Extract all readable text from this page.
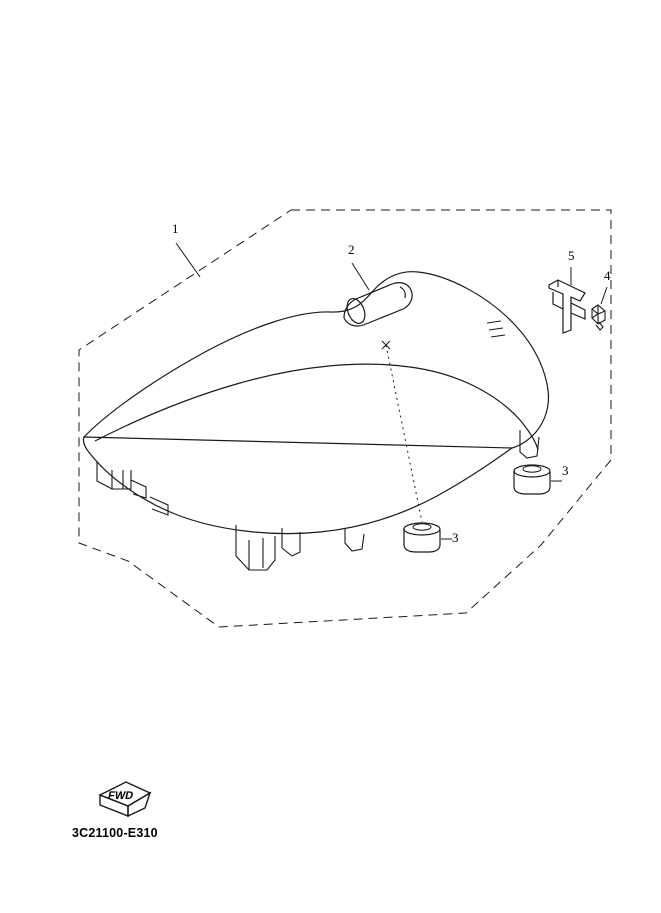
1
2
3
3
4
5
FWD
3C21100-E310
